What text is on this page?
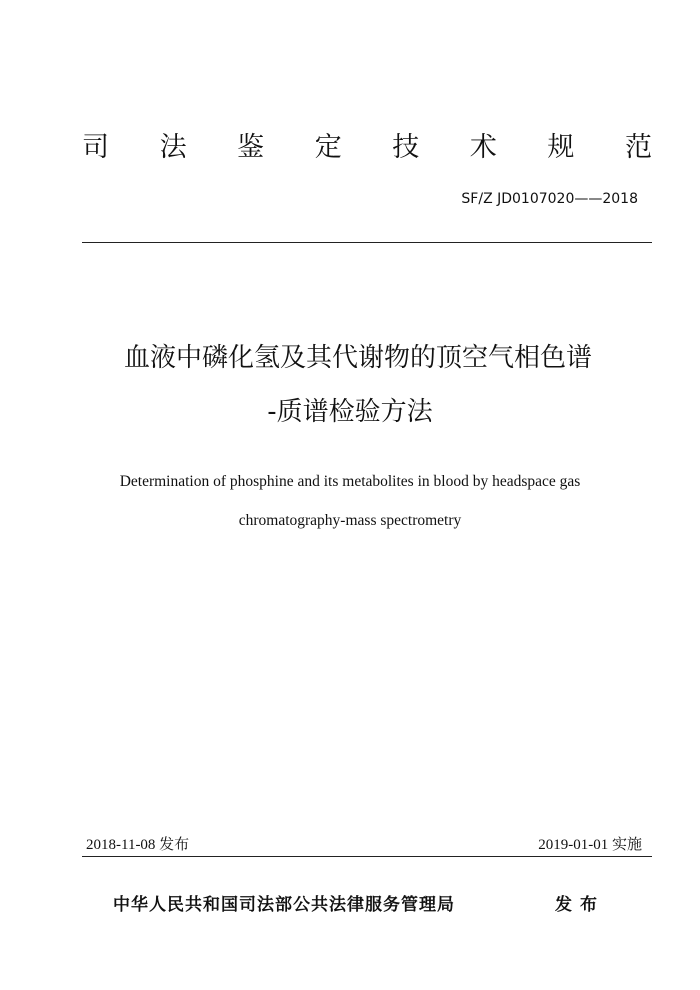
司 法 鉴 定 技 术 规 范
SF/Z JD0107020——2018
血液中磷化氢及其代谢物的顶空气相色谱
-质谱检验方法
Determination of phosphine and its metabolites in blood by headspace gas
chromatography-mass spectrometry
2018-11-08 发布	2019-01-01 实施
中华人民共和国司法部公共法律服务管理局	发布
